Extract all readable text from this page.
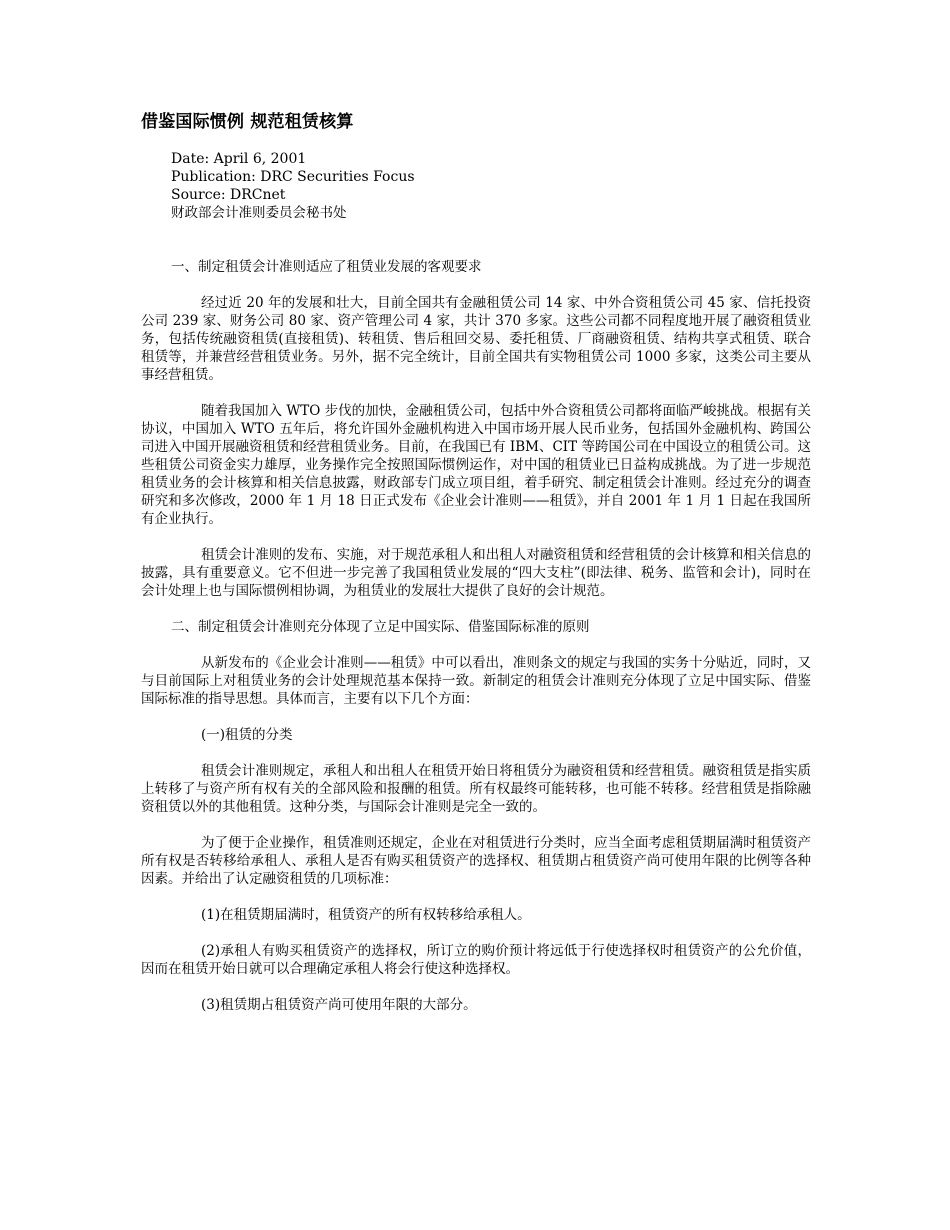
借鉴国际惯例 规范租赁核算
Date: April 6, 2001
Publication: DRC Securities Focus
Source: DRCnet
财政部会计准则委员会秘书处
一、制定租赁会计准则适应了租赁业发展的客观要求

经过近 20 年的发展和壮大，目前全国共有金融租赁公司 14 家、中外合资租赁公司 45 家、信托投资公司 239 家、财务公司 80 家、资产管理公司 4 家，共计 370 多家。这些公司都不同程度地开展了融资租赁业务，包括传统融资租赁(直接租赁)、转租赁、售后租回交易、委托租赁、厂商融资租赁、结构共享式租赁、联合租赁等，并兼营经营租赁业务。另外，据不完全统计，目前全国共有实物租赁公司 1000 多家，这类公司主要从事经营租赁。

随着我国加入 WTO 步伐的加快，金融租赁公司，包括中外合资租赁公司都将面临严峻挑战。根据有关协议，中国加入 WTO 五年后，将允许国外金融机构进入中国市场开展人民币业务，包括国外金融机构、跨国公司进入中国开展融资租赁和经营租赁业务。目前，在我国已有 IBM、CIT 等跨国公司在中国设立的租赁公司。这些租赁公司资金实力雄厚，业务操作完全按照国际惯例运作，对中国的租赁业已日益构成挑战。为了进一步规范租赁业务的会计核算和相关信息披露，财政部专门成立项目组，着手研究、制定租赁会计准则。经过充分的调查研究和多次修改，2000 年 1 月 18 日正式发布《企业会计准则——租赁》，并自 2001 年 1 月 1 日起在我国所有企业执行。

租赁会计准则的发布、实施，对于规范承租人和出租人对融资租赁和经营租赁的会计核算和相关信息的披露，具有重要意义。它不但进一步完善了我国租赁业发展的“四大支柱”(即法律、税务、监管和会计)，同时在会计处理上也与国际惯例相协调，为租赁业的发展壮大提供了良好的会计规范。

二、制定租赁会计准则充分体现了立足中国实际、借鉴国际标准的原则

从新发布的《企业会计准则——租赁》中可以看出，准则条文的规定与我国的实务十分贴近，同时，又与目前国际上对租赁业务的会计处理规范基本保持一致。新制定的租赁会计准则充分体现了立足中国实际、借鉴国际标准的指导思想。具体而言，主要有以下几个方面：

(一)租赁的分类

租赁会计准则规定，承租人和出租人在租赁开始日将租赁分为融资租赁和经营租赁。融资租赁是指实质上转移了与资产所有权有关的全部风险和报酬的租赁。所有权最终可能转移，也可能不转移。经营租赁是指除融资租赁以外的其他租赁。这种分类，与国际会计准则是完全一致的。

为了便于企业操作，租赁准则还规定，企业在对租赁进行分类时，应当全面考虑租赁期届满时租赁资产所有权是否转移给承租人、承租人是否有购买租赁资产的选择权、租赁期占租赁资产尚可使用年限的比例等各种因素。并给出了认定融资租赁的几项标准：

(1)在租赁期届满时，租赁资产的所有权转移给承租人。

(2)承租人有购买租赁资产的选择权，所订立的购价预计将远低于行使选择权时租赁资产的公允价值，因而在租赁开始日就可以合理确定承租人将会行使这种选择权。

(3)租赁期占租赁资产尚可使用年限的大部分。
